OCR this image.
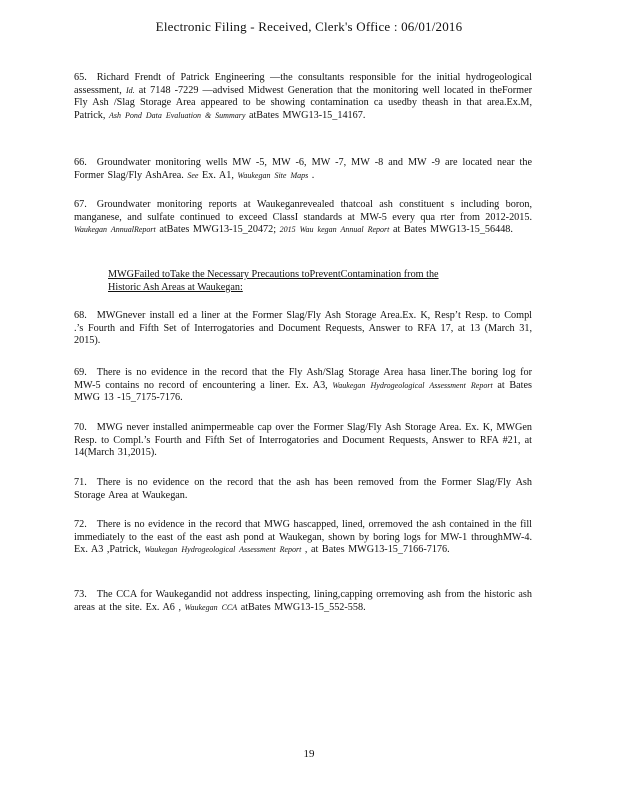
Electronic Filing - Received, Clerk's Office : 06/01/2016
65. Richard Frendt of Patrick Engineering —the consultants responsible for the initial hydrogeological assessment, Id. at 7148 -7229 —advised Midwest Generation that the monitoring well located in theFormer Fly Ash /Slag Storage Area appeared to be showing contamination ca usedby theash in that area.Ex.M, Patrick, Ash Pond Data Evaluation & Summary atBates MWG13-15_14167.
66. Groundwater monitoring wells MW -5, MW -6, MW -7, MW -8 and MW -9 are located near the Former Slag/Fly AshArea. See Ex. A1, Waukegan Site Maps .
67. Groundwater monitoring reports at Waukeganrevealed thatcoal ash constituent s including boron, manganese, and sulfate continued to exceed ClassI standards at MW-5 every qua rter from 2012-2015. Waukegan AnnualReport atBates MWG13-15_20472; 2015 Wau kegan Annual Report at Bates MWG13-15_56448.
MWGFailed toTake the Necessary Precautions toPreventContamination from the
Historic Ash Areas at Waukegan:
68. MWGnever install ed a liner at the Former Slag/Fly Ash Storage Area.Ex. K, Resp’t Resp. to Compl .’s Fourth and Fifth Set of Interrogatories and Document Requests, Answer to RFA 17, at 13 (March 31, 2015).
69. There is no evidence in the record that the Fly Ash/Slag Storage Area hasa liner.The boring log for MW-5 contains no record of encountering a liner. Ex. A3, Waukegan Hydrogeological Assessment Report at Bates MWG 13 -15_7175-7176.
70. MWG never installed animpermeable cap over the Former Slag/Fly Ash Storage Area. Ex. K, MWGen Resp. to Compl.’s Fourth and Fifth Set of Interrogatories and Document Requests, Answer to RFA #21, at 14(March 31,2015).
71. There is no evidence on the record that the ash has been removed from the Former Slag/Fly Ash Storage Area at Waukegan.
72. There is no evidence in the record that MWG hascapped, lined, orremoved the ash contained in the fill immediately to the east of the east ash pond at Waukegan, shown by boring logs for MW-1 throughMW-4. Ex. A3 ,Patrick, Waukegan Hydrogeological Assessment Report , at Bates MWG13-15_7166-7176.
73. The CCA for Waukegandid not address inspecting, lining,capping orremoving ash from the historic ash areas at the site. Ex. A6 , Waukegan CCA atBates MWG13-15_552-558.
19
